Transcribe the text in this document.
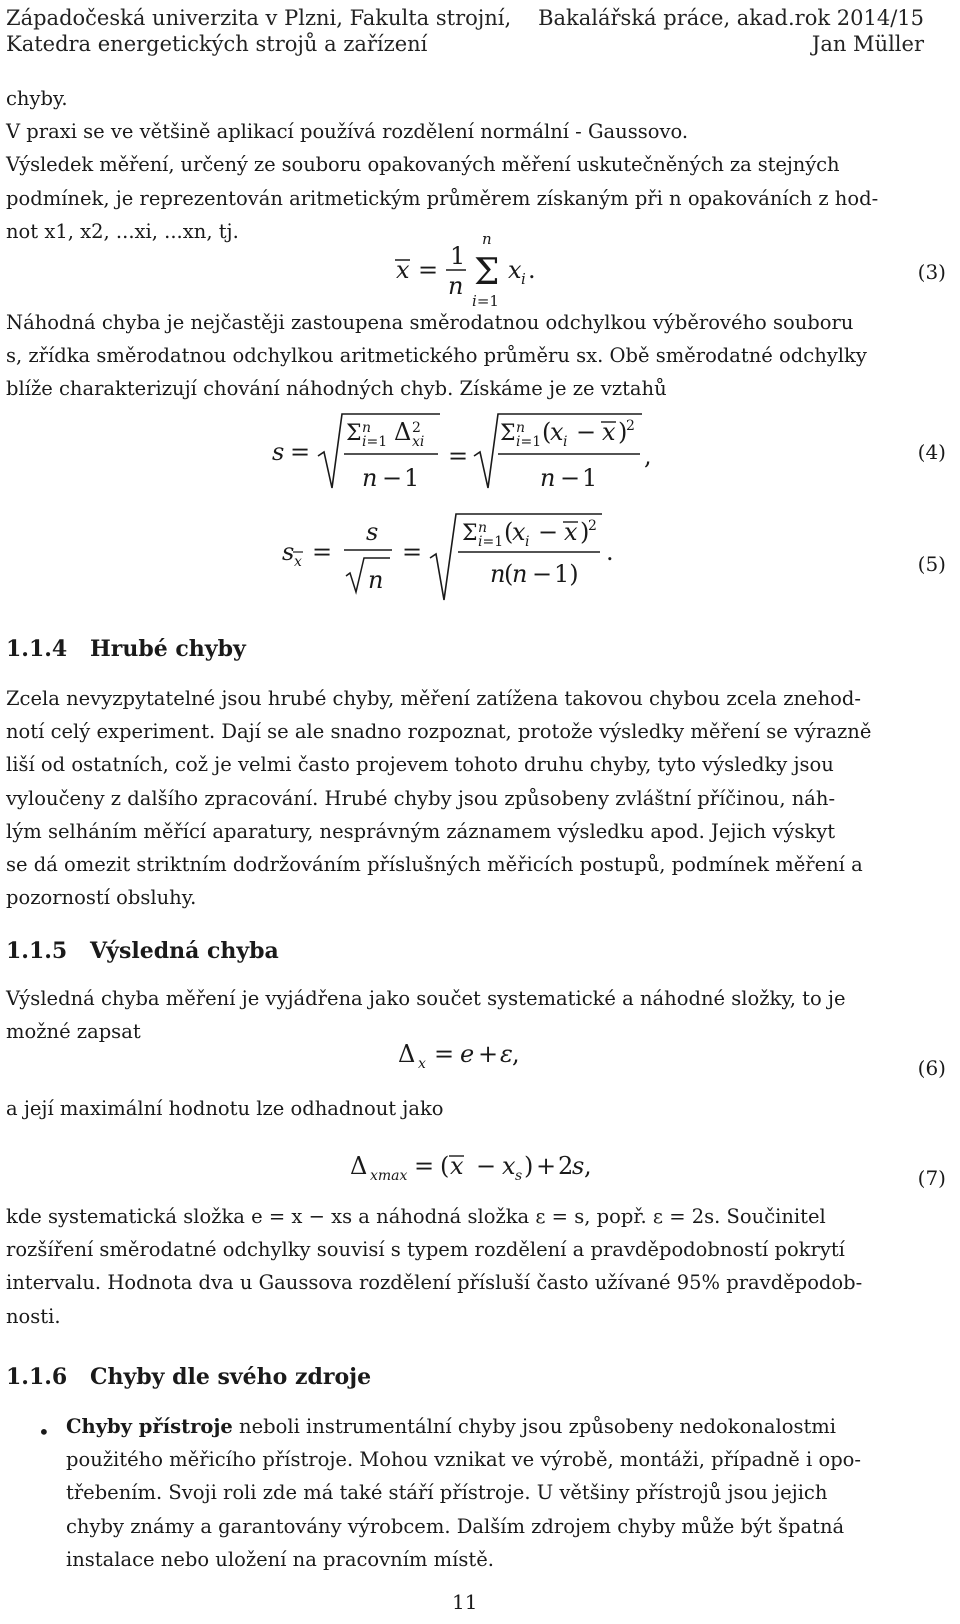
Západočeská univerzita v Plzni, Fakulta strojní,
Katedra energetických strojů a zařízení
Bakalářská práce, akad.rok 2014/15
Jan Müller
chyby.
V praxi se ve většině aplikací používá rozdělení normální - Gaussovo.
Výsledek měření, určený ze souboru opakovaných měření uskutečněných za stejných
podmínek, je reprezentován aritmetickým průměrem získaným při n opakováních z hod-
not x1, x2, ...xi, ...xn, tj.
x = 1
n Σ
n
i=1
x i .	(3)
Náhodná chyba je nejčastěji zastoupena směrodatnou odchylkou výběrového souboru
s, zřídka směrodatnou odchylkou aritmetického průměru sx. Obě směrodatné odchylky
blíže charakterizují chování náhodných chyb. Získáme je ze vztahů
s =
Σ n
i=1 Δ 2
xi
n − 1
=
Σ n
i=1 (
x i − x )
2
n − 1
,	(4)
s x =
s
n
=
Σ n
i=1 (
x i − x )
2
n
(
n − 1)
.	(5)
1.1.4 Hrubé chyby
Zcela nevyzpytatelné jsou hrubé chyby, měření zatížena takovou chybou zcela znehod-
notí celý experiment. Dají se ale snadno rozpoznat, protože výsledky měření se výrazně
liší od ostatních, což je velmi často projevem tohoto druhu chyby, tyto výsledky jsou
vyloučeny z dalšího zpracování. Hrubé chyby jsou způsobeny zvláštní příčinou, náh-
lým selháním měřící aparatury, nesprávným záznamem výsledku apod. Jejich výskyt
se dá omezit striktním dodržováním příslušných měřicích postupů, podmínek měření a
pozorností obsluhy.
1.1.5 Výsledná chyba
Výsledná chyba měření je vyjádřena jako součet systematické a náhodné složky, to je
možné zapsat
Δ x = e + ε ,	(6)
a její maximální hodnotu lze odhadnout jako
Δ xmax = ( x − x s ) + 2
s ,	(7)
kde systematická složka e = x − xs a náhodná složka ε = s, popř. ε = 2s. Součinitel
rozšíření směrodatné odchylky souvisí s typem rozdělení a pravděpodobností pokrytí
intervalu. Hodnota dva u Gaussova rozdělení přísluší často užívané 95% pravděpodob-
nosti.
1.1.6 Chyby dle svého zdroje
• Chyby přístroje neboli instrumentální chyby jsou způsobeny nedokonalostmi
použitého měřicího přístroje. Mohou vznikat ve výrobě, montáži, případně i opo-
třebením. Svoji roli zde má také stáří přístroje. U většiny přístrojů jsou jejich
chyby známy a garantovány výrobcem. Dalším zdrojem chyby může být špatná
instalace nebo uložení na pracovním místě.
11
